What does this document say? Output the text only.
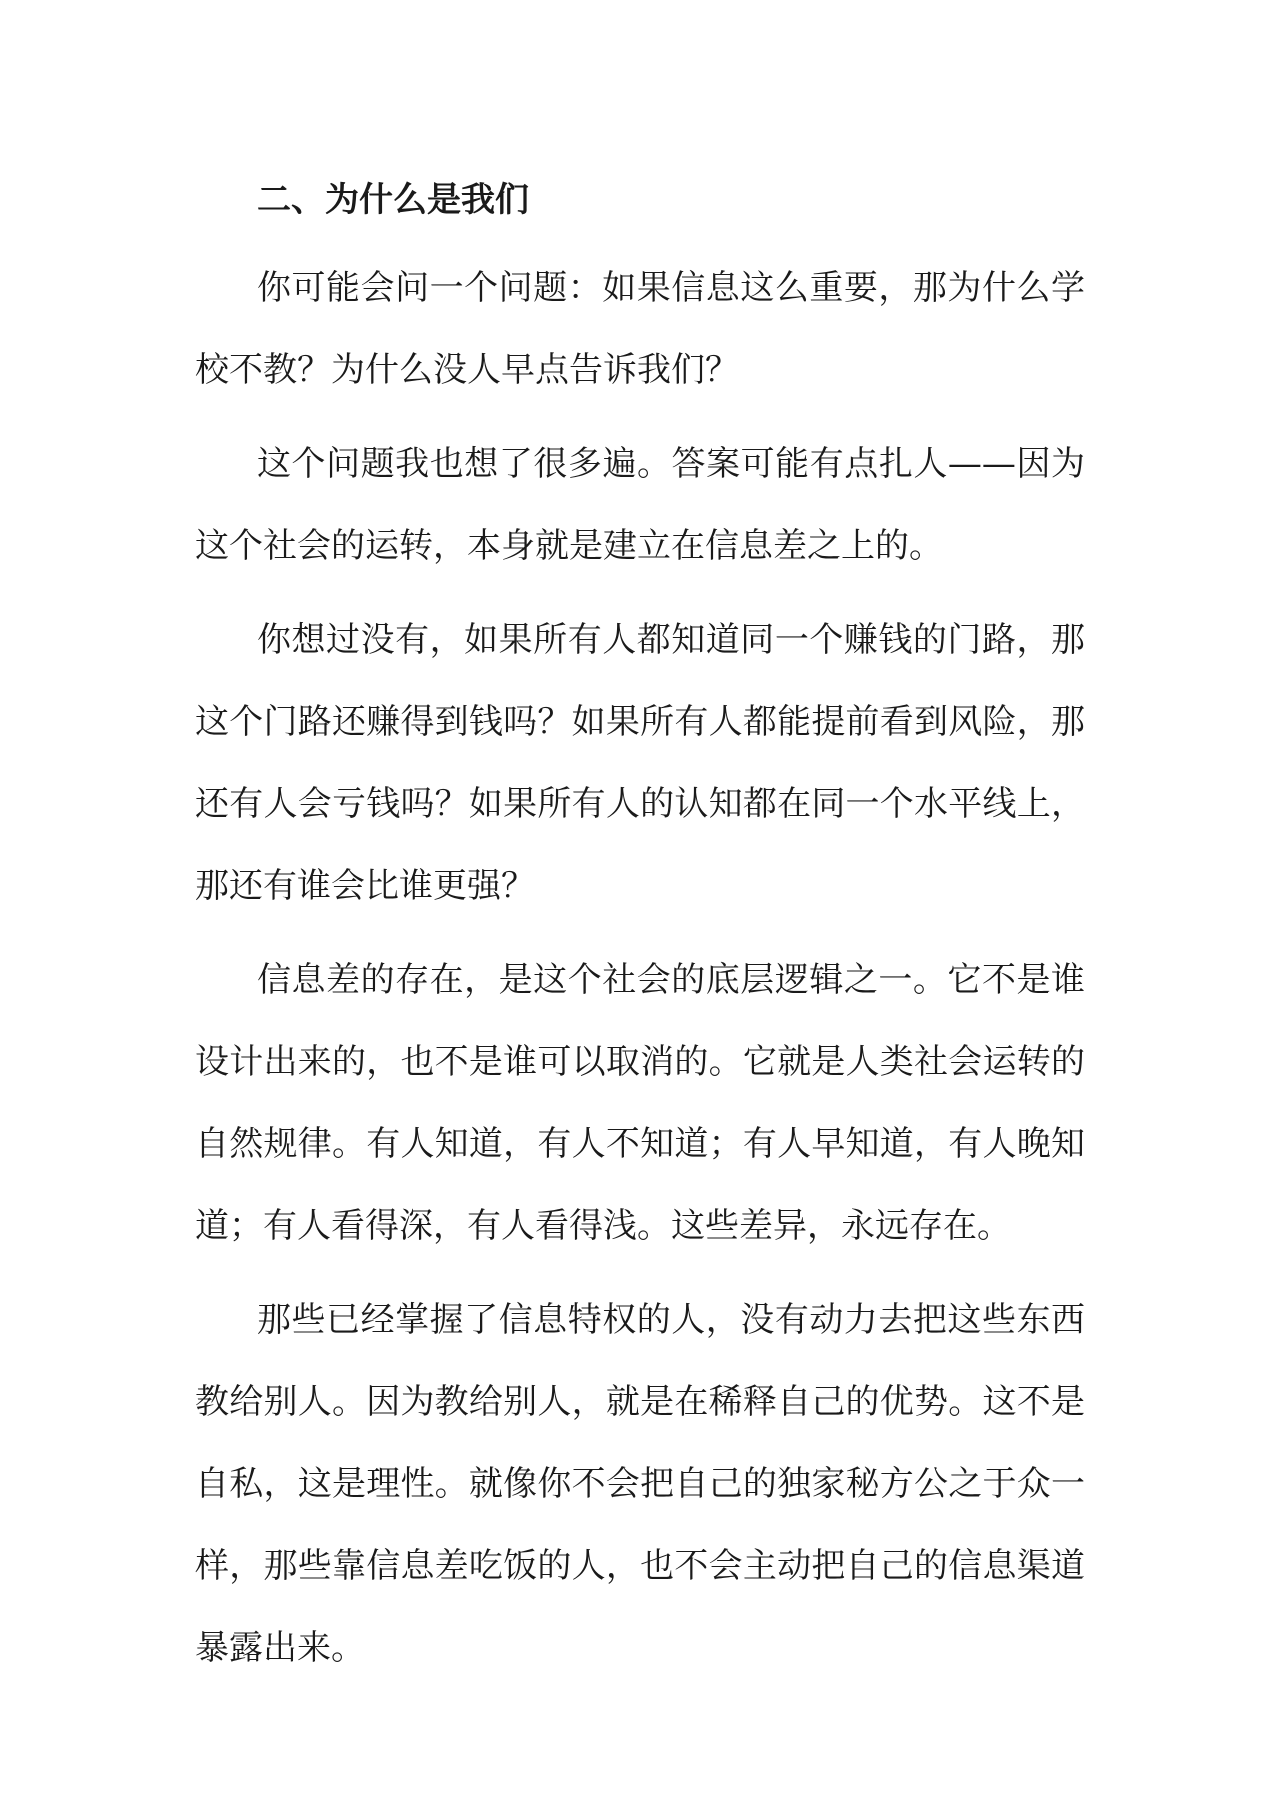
二、为什么是我们

你可能会问一个问题：如果信息这么重要，那为什么学校不教？为什么没人早点告诉我们？

这个问题我也想了很多遍。答案可能有点扎人——因为这个社会的运转，本身就是建立在信息差之上的。

你想过没有，如果所有人都知道同一个赚钱的门路，那这个门路还赚得到钱吗？如果所有人都能提前看到风险，那还有人会亏钱吗？如果所有人的认知都在同一个水平线上，那还有谁会比谁更强？

信息差的存在，是这个社会的底层逻辑之一。它不是谁设计出来的，也不是谁可以取消的。它就是人类社会运转的自然规律。有人知道，有人不知道；有人早知道，有人晚知道；有人看得深，有人看得浅。这些差异，永远存在。

那些已经掌握了信息特权的人，没有动力去把这些东西教给别人。因为教给别人，就是在稀释自己的优势。这不是自私，这是理性。就像你不会把自己的独家秘方公之于众一样，那些靠信息差吃饭的人，也不会主动把自己的信息渠道暴露出来。
